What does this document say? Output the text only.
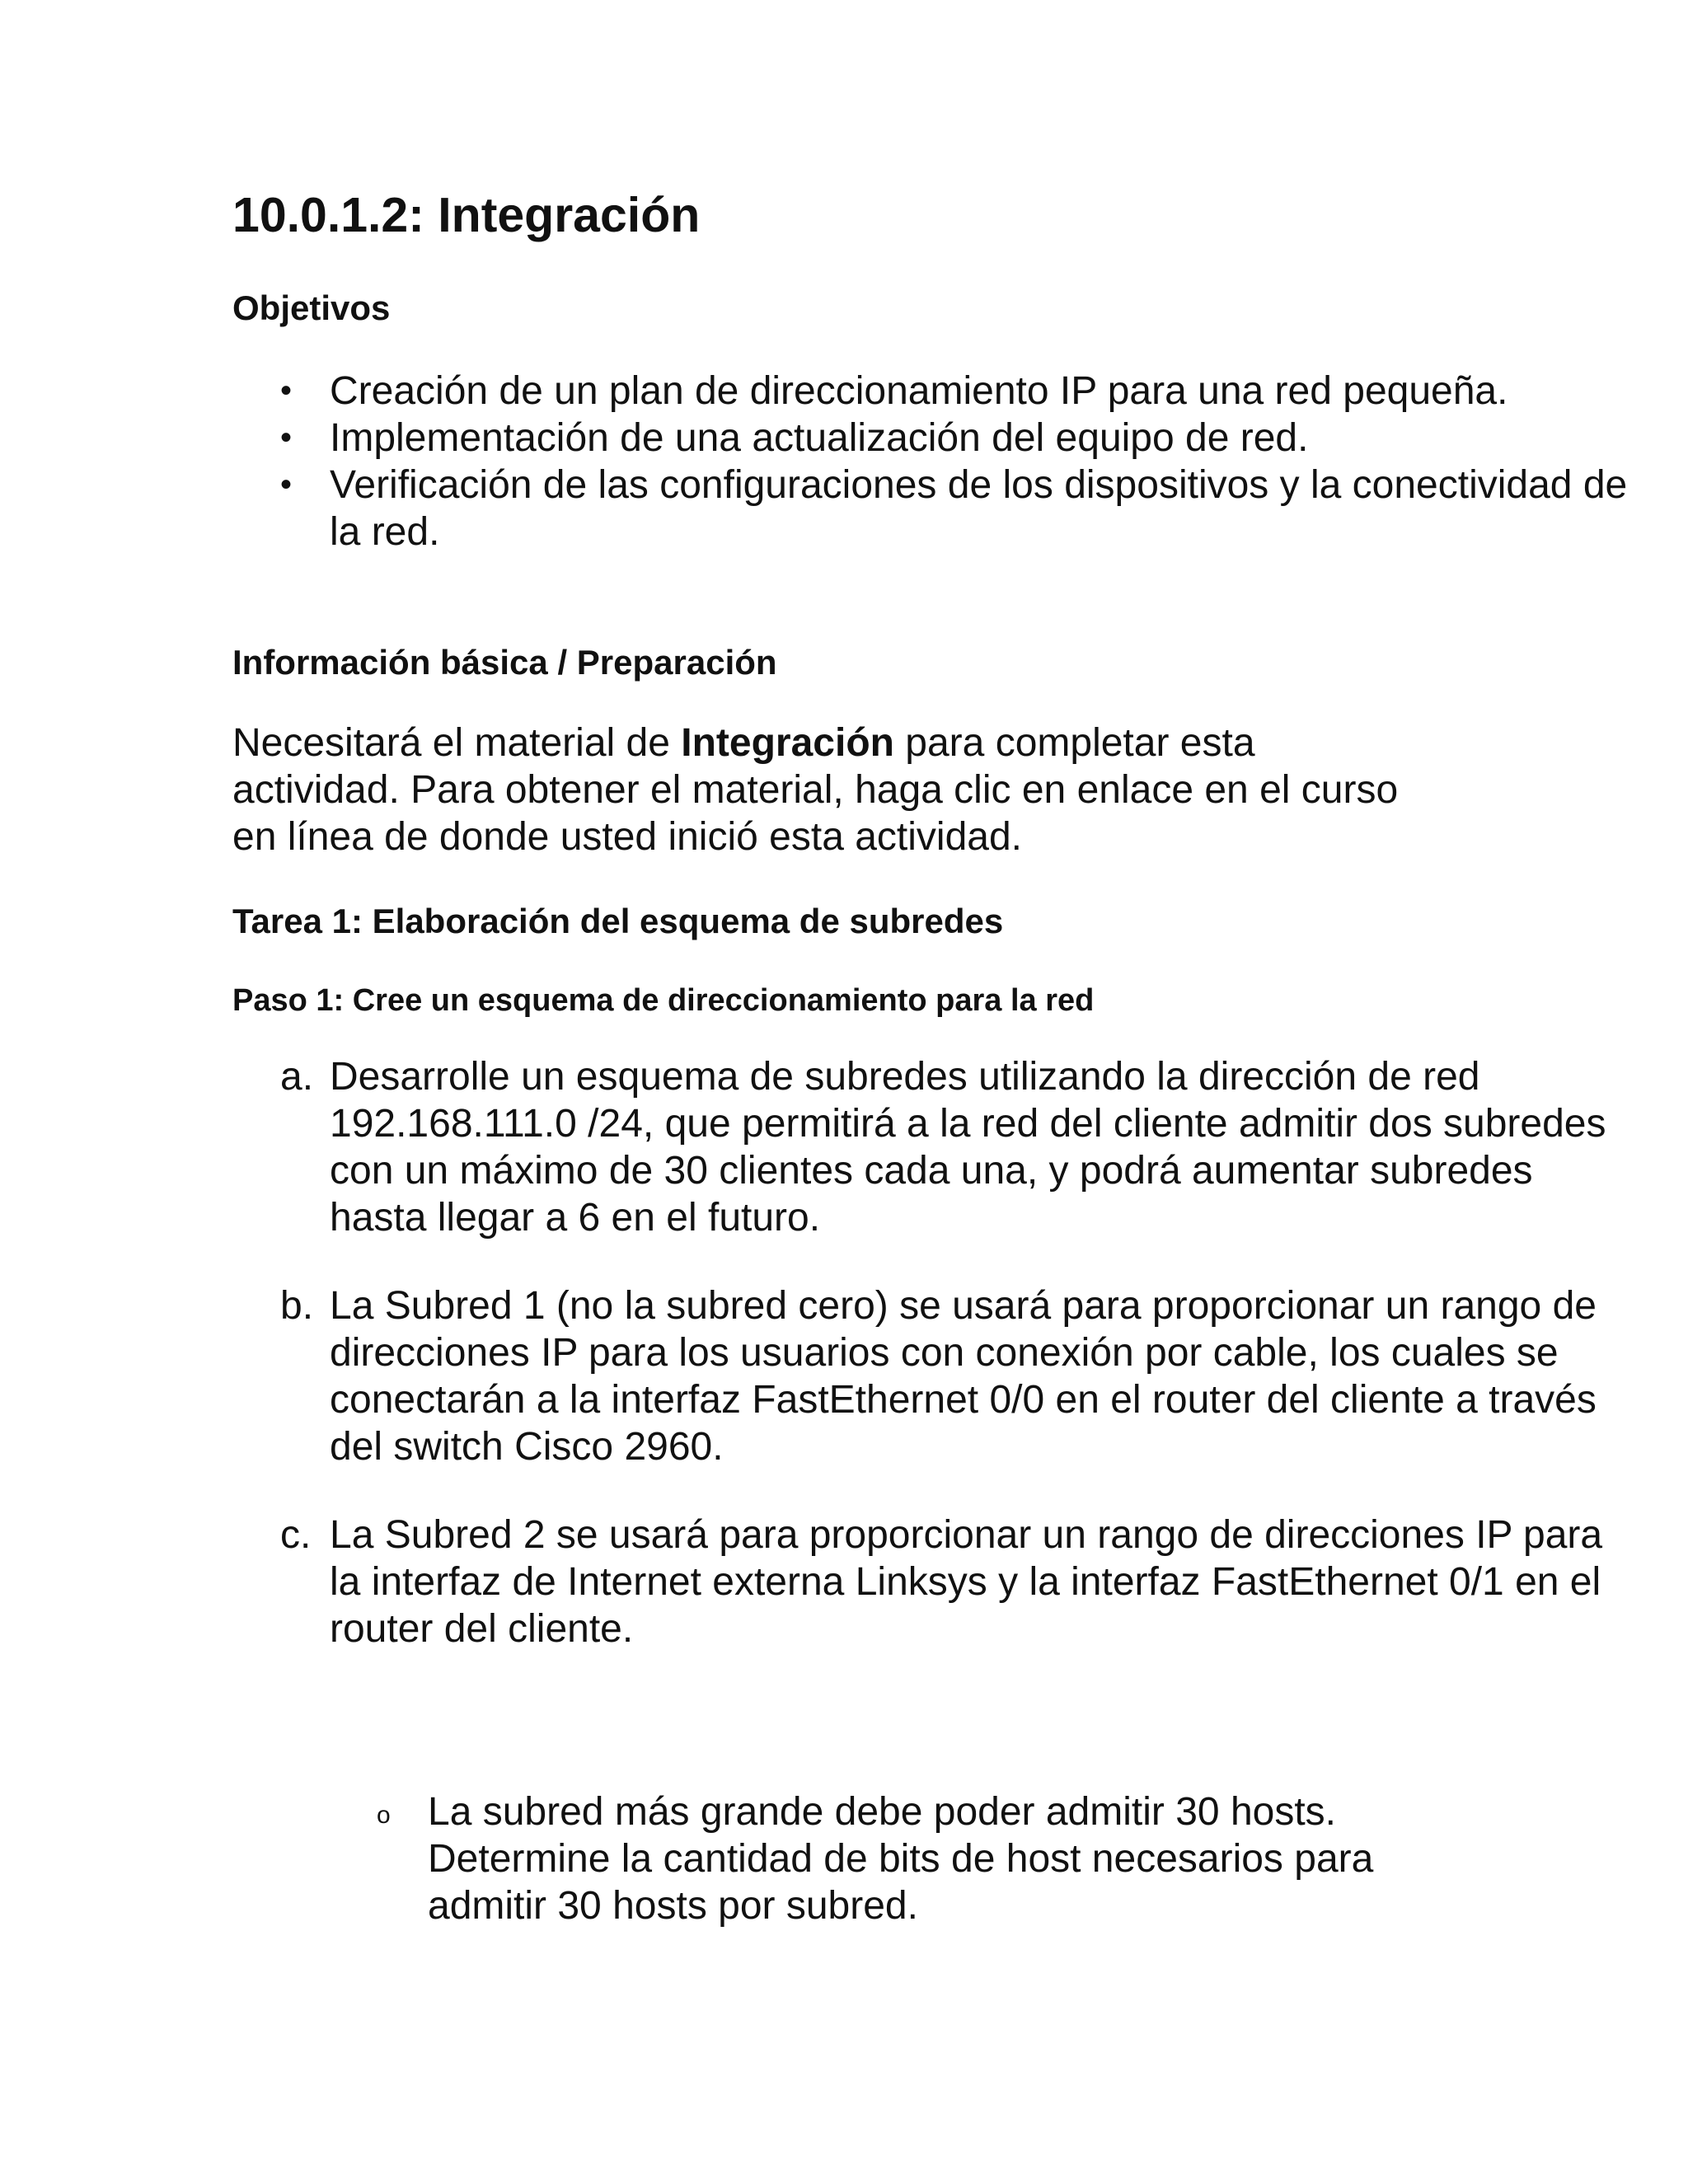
10.0.1.2: Integración
Objetivos
• Creación de un plan de direccionamiento IP para una red pequeña.
• Implementación de una actualización del equipo de red.
• Verificación de las configuraciones de los dispositivos y la conectividad de la red.
Información básica / Preparación

Necesitará el material de Integración para completar esta actividad. Para obtener el material, haga clic en enlace en el curso en línea de donde usted inició esta actividad.

Tarea 1: Elaboración del esquema de subredes
Paso 1: Cree un esquema de direccionamiento para la red
a. Desarrolle un esquema de subredes utilizando la dirección de red 192.168.111.0 /24, que permitirá a la red del cliente admitir dos subredes con un máximo de 30 clientes cada una, y podrá aumentar subredes hasta llegar a 6 en el futuro.
b. La Subred 1 (no la subred cero) se usará para proporcionar un rango de direcciones IP para los usuarios con conexión por cable, los cuales se conectarán a la interfaz FastEthernet 0/0 en el router del cliente a través del switch Cisco 2960.
c. La Subred 2 se usará para proporcionar un rango de direcciones IP para la interfaz de Internet externa Linksys y la interfaz FastEthernet 0/1 en el router del cliente.
o La subred más grande debe poder admitir 30 hosts. Determine la cantidad de bits de host necesarios para admitir 30 hosts por subred.
